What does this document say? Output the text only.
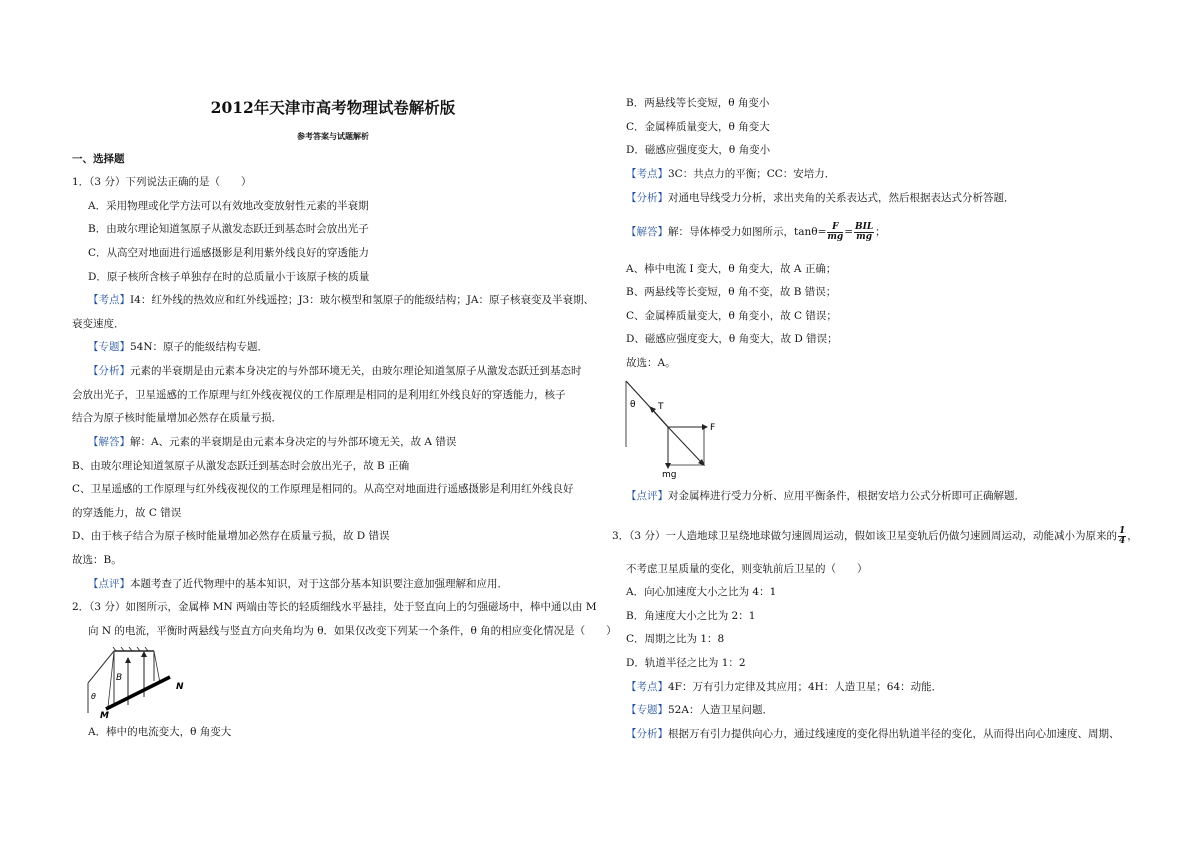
2012年天津市高考物理试卷解析版
参考答案与试题解析
一、选择题
1．（3 分）下列说法正确的是（　　）
A．采用物理或化学方法可以有效地改变放射性元素的半衰期
B．由玻尔理论知道氢原子从激发态跃迁到基态时会放出光子
C．从高空对地面进行遥感摄影是利用紫外线良好的穿透能力
D．原子核所含核子单独存在时的总质量小于该原子核的质量
【考点】I4：红外线的热效应和红外线遥控；J3：玻尔模型和氢原子的能级结构；JA：原子核衰变及半衰期、
衰变速度．
【专题】54N：原子的能级结构专题．
【分析】元素的半衰期是由元素本身决定的与外部环境无关，由玻尔理论知道氢原子从激发态跃迁到基态时
会放出光子，卫星遥感的工作原理与红外线夜视仪的工作原理是相同的是利用红外线良好的穿透能力，核子
结合为原子核时能量增加必然存在质量亏损．
【解答】解：A、元素的半衰期是由元素本身决定的与外部环境无关，故 A 错误
B、由玻尔理论知道氢原子从激发态跃迁到基态时会放出光子，故 B 正确
C、卫星遥感的工作原理与红外线夜视仪的工作原理是相同的。从高空对地面进行遥感摄影是利用红外线良好
的穿透能力，故 C 错误
D、由于核子结合为原子核时能量增加必然存在质量亏损，故 D 错误
故选：B。
【点评】本题考查了近代物理中的基本知识，对于这部分基本知识要注意加强理解和应用．
2．（3 分）如图所示，金属棒 MN 两端由等长的轻质细线水平悬挂，处于竖直向上的匀强磁场中，棒中通以由 M
向 N 的电流，平衡时两悬线与竖直方向夹角均为 θ．如果仅改变下列某一个条件，θ 角的相应变化情况是（　　）
B
M
N
θ
A．棒中的电流变大，θ 角变大
B．两悬线等长变短，θ 角变小
C．金属棒质量变大，θ 角变大
D．磁感应强度变大，θ 角变小
【考点】3C：共点力的平衡；CC：安培力．
【分析】对通电导线受力分析，求出夹角的关系表达式，然后根据表达式分析答题．
【解答】解：导体棒受力如图所示，$\tan\theta= \frac{F}{mg} = \frac{\text{BIL}}{mg}$ ；
A、棒中电流 I 变大，θ 角变大，故 A 正确；
B、两悬线等长变短，θ 角不变，故 B 错误；
C、金属棒质量变大，θ 角变小，故 C 错误；
D、磁感应强度变大，θ 角变大，故 D 错误；
故选：A。
θ T
F
mg
【点评】对金属棒进行受力分析、应用平衡条件，根据安培力公式分析即可正确解题．
3．（3 分）一人造地球卫星绕地球做匀速圆周运动，假如该卫星变轨后仍做匀速圆周运动，动能减小为原来的 $\frac{1}{4}$ ，
不考虑卫星质量的变化，则变轨前后卫星的（　　）
A．向心加速度大小之比为 4：1
B．角速度大小之比为 2：1
C．周期之比为 1：8
D．轨道半径之比为 1：2
【考点】4F：万有引力定律及其应用；4H：人造卫星；64：动能．
【专题】52A：人造卫星问题．
【分析】根据万有引力提供向心力，通过线速度的变化得出轨道半径的变化，从而得出向心加速度、周期、
